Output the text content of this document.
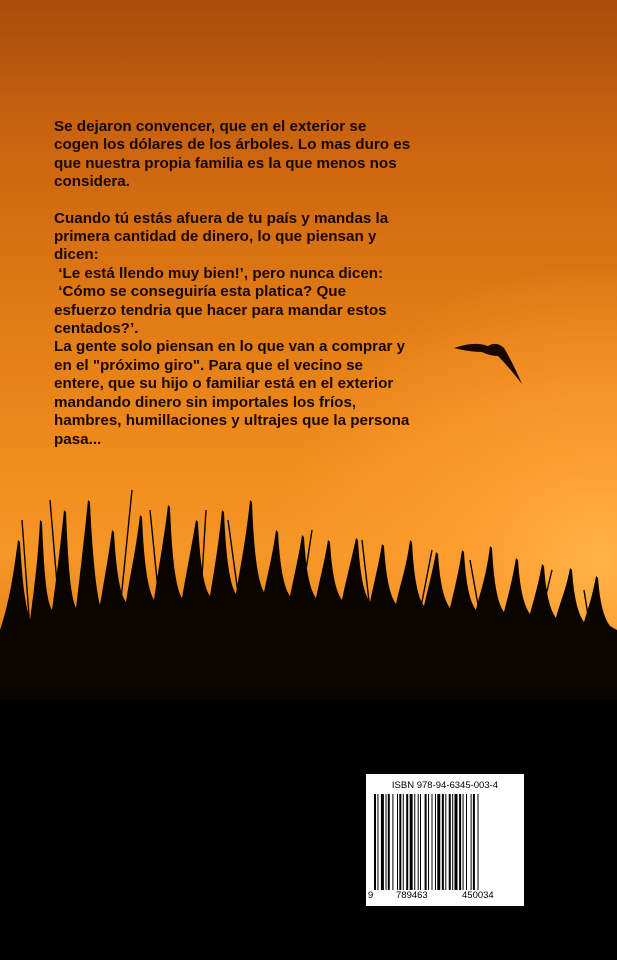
Se dejaron convencer, que en el exterior se

cogen los dólares de los árboles. Lo mas duro es

que nuestra propia familia es la que menos nos

considera.

Cuando tú estás afuera de tu país y mandas la

primera cantidad de dinero, lo que piensan y

dicen:

‘Le está llendo muy bien!’, pero nunca dicen:

‘Cómo se conseguiría esta platica? Que

esfuerzo tendria que hacer para mandar estos

centados?’.

La gente solo piensan en lo que van a comprar y

en el "próximo giro". Para que el vecino se

entere, que su hijo o familiar está en el exterior

mandando dinero sin importales los fríos,

hambres, humillaciones y ultrajes que la persona

pasa...

ISBN 978-94-6345-003-4
9 789463	450034
